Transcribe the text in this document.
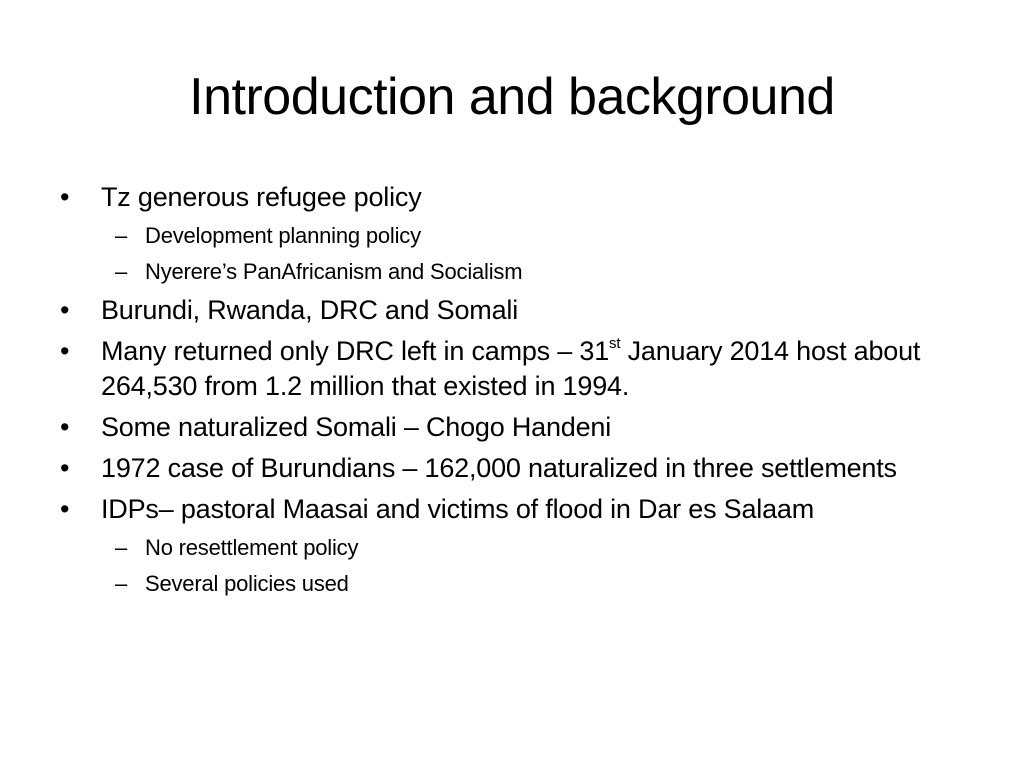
Introduction and background
•	Tz generous refugee policy
– Development planning policy
– Nyerere’s PanAfricanism and Socialism
•	Burundi, Rwanda, DRC and Somali
•	Many returned only DRC left in camps – 31st January 2014 host about 264,530 from 1.2 million that existed in 1994.
•	Some naturalized Somali – Chogo Handeni
•	1972 case of Burundians – 162,000 naturalized in three settlements
•	IDPs– pastoral Maasai and victims of flood in Dar es Salaam
– No resettlement policy
– Several policies used
